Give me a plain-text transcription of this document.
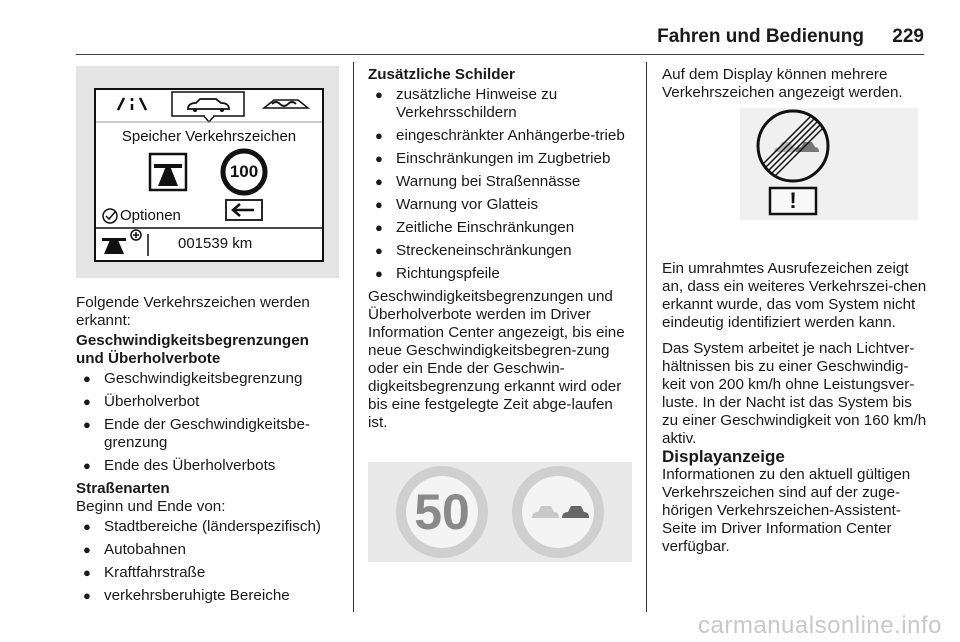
Fahren und Bedienung 229
Speicher Verkehrszeichen
100
Optionen
001539 km

Folgende Verkehrszeichen werden erkannt:

Geschwindigkeitsbegrenzungen und Überholverbote

● Geschwindigkeitsbegrenzung
● Überholverbot
● Ende der Geschwindigkeitsbe-grenzung
● Ende des Überholverbots

Straßenarten

Beginn und Ende von:

● Stadtbereiche (länderspezifisch)
● Autobahnen
● Kraftfahrstraße
● verkehrsberuhigte Bereiche

Zusätzliche Schilder

● zusätzliche Hinweise zu Verkehrsschildern
● eingeschränkter Anhängerbe-trieb
● Einschränkungen im Zugbetrieb
● Warnung bei Straßennässe
● Warnung vor Glatteis
● Zeitliche Einschränkungen
● Streckeneinschränkungen
● Richtungspfeile

Geschwindigkeitsbegrenzungen und Überholverbote werden im Driver Information Center angezeigt, bis eine neue Geschwindigkeitsbegren-zung oder ein Ende der Geschwin-digkeitsbegrenzung erkannt wird oder bis eine festgelegte Zeit abge-laufen ist.

50

Auf dem Display können mehrere Verkehrszeichen angezeigt werden.

Ein umrahmtes Ausrufezeichen zeigt an, dass ein weiteres Verkehrszei-chen erkannt wurde, das vom System nicht eindeutig identifiziert werden kann.

Das System arbeitet je nach Lichtver-hältnissen bis zu einer Geschwindig-keit von 200 km/h ohne Leistungsver-luste. In der Nacht ist das System bis zu einer Geschwindigkeit von 160 km/h aktiv.

Displayanzeige

Informationen zu den aktuell gültigen Verkehrszeichen sind auf der zuge-hörigen Verkehrszeichen-Assistent-Seite im Driver Information Center verfügbar.

!
carmanualsonline.info
